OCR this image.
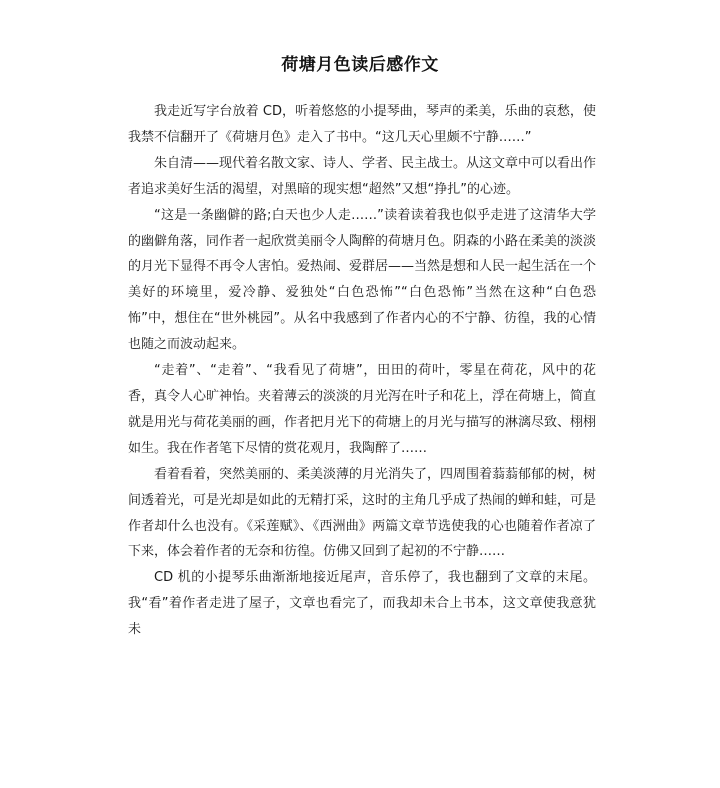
荷塘月色读后感作文

我走近写字台放着 CD，听着悠悠的小提琴曲，琴声的柔美，乐曲的哀愁，使我禁不信翻开了《荷塘月色》走入了书中。“这几天心里颇不宁静……”

朱自清——现代着名散文家、诗人、学者、民主战士。从这文章中可以看出作者追求美好生活的渴望，对黑暗的现实想“超然”又想“挣扎”的心迹。

“这是一条幽僻的路;白天也少人走……”读着读着我也似乎走进了这清华大学的幽僻角落，同作者一起欣赏美丽令人陶醉的荷塘月色。阴森的小路在柔美的淡淡的月光下显得不再令人害怕。爱热闹、爱群居——当然是想和人民一起生活在一个美好的环境里，爱冷静、爱独处“白色恐怖”“白色恐怖”当然在这种“白色恐怖”中，想住在“世外桃园”。从名中我感到了作者内心的不宁静、彷徨，我的心情也随之而波动起来。

“走着”、“走着”、“我看见了荷塘”，田田的荷叶，零星在荷花，风中的花香，真令人心旷神怡。夹着薄云的淡淡的月光泻在叶子和花上，浮在荷塘上，简直就是用光与荷花美丽的画，作者把月光下的荷塘上的月光与描写的淋漓尽致、栩栩如生。我在作者笔下尽情的赏花观月，我陶醉了……

看着看着，突然美丽的、柔美淡薄的月光消失了，四周围着蓊蓊郁郁的树，树间透着光，可是光却是如此的无精打采，这时的主角几乎成了热闹的蝉和蛙，可是作者却什么也没有。《采莲赋》、《西洲曲》两篇文章节选使我的心也随着作者凉了下来，体会着作者的无奈和彷徨。仿佛又回到了起初的不宁静……

CD 机的小提琴乐曲渐渐地接近尾声，音乐停了，我也翻到了文章的末尾。我“看”着作者走进了屋子，文章也看完了，而我却未合上书本，这文章使我意犹未
